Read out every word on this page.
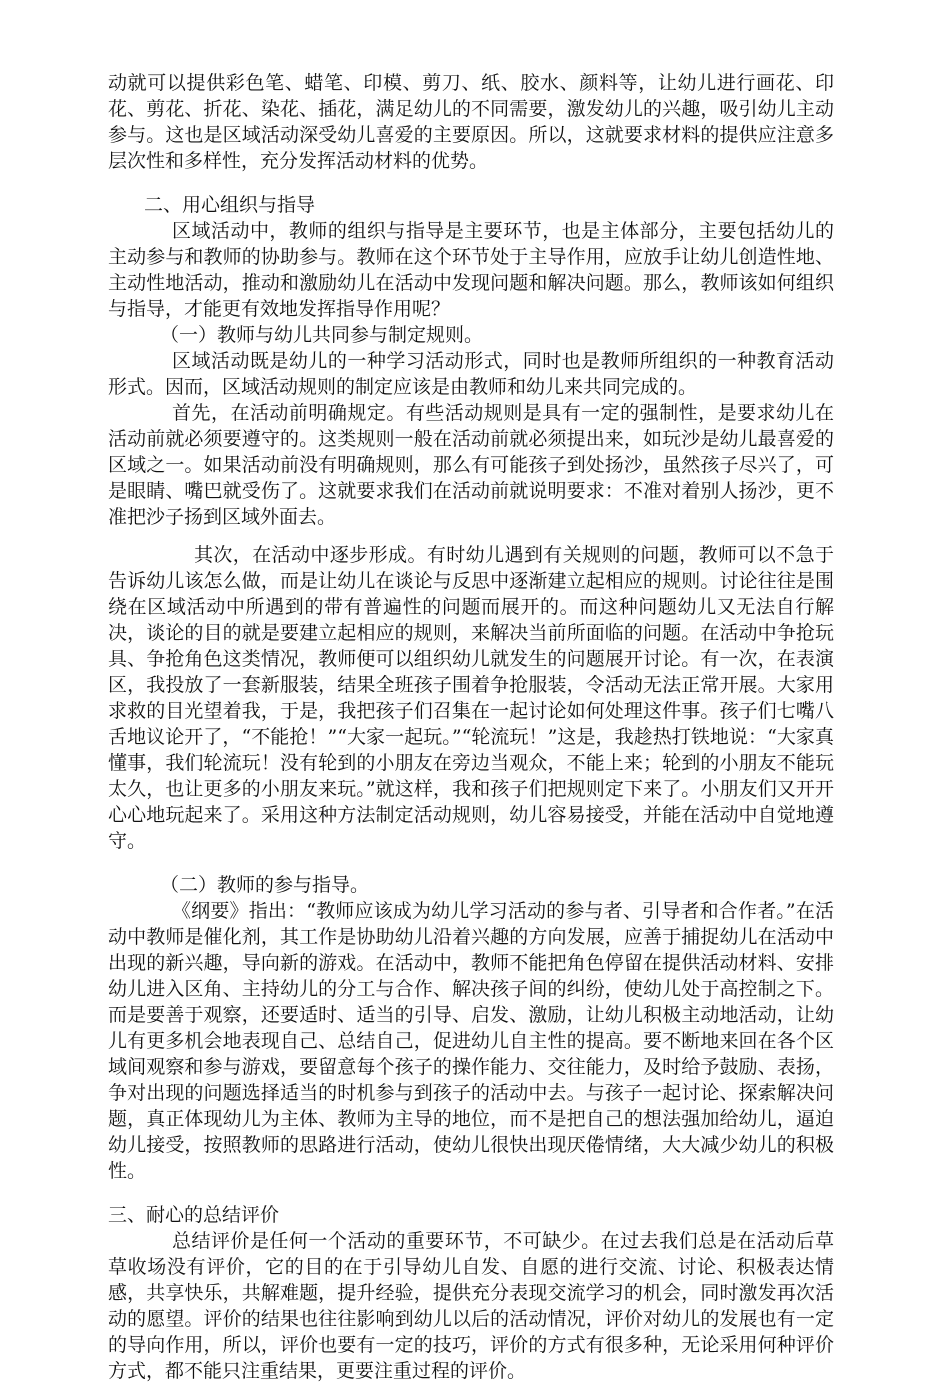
动就可以提供彩色笔、蜡笔、印模、剪刀、纸、胶水、颜料等，让幼儿进行画花、印花、剪花、折花、染花、插花，满足幼儿的不同需要，激发幼儿的兴趣，吸引幼儿主动参与。这也是区域活动深受幼儿喜爱的主要原因。所以，这就要求材料的提供应注意多层次性和多样性，充分发挥活动材料的优势。

二、用心组织与指导

区域活动中，教师的组织与指导是主要环节，也是主体部分，主要包括幼儿的主动参与和教师的协助参与。教师在这个环节处于主导作用，应放手让幼儿创造性地、主动性地活动，推动和激励幼儿在活动中发现问题和解决问题。那么，教师该如何组织与指导，才能更有效地发挥指导作用呢？

（一）教师与幼儿共同参与制定规则。

区域活动既是幼儿的一种学习活动形式，同时也是教师所组织的一种教育活动形式。因而，区域活动规则的制定应该是由教师和幼儿来共同完成的。

首先，在活动前明确规定。有些活动规则是具有一定的强制性，是要求幼儿在活动前就必须要遵守的。这类规则一般在活动前就必须提出来，如玩沙是幼儿最喜爱的区域之一。如果活动前没有明确规则，那么有可能孩子到处扬沙，虽然孩子尽兴了，可是眼睛、嘴巴就受伤了。这就要求我们在活动前就说明要求：不准对着别人扬沙，更不准把沙子扬到区域外面去。

其次，在活动中逐步形成。有时幼儿遇到有关规则的问题，教师可以不急于告诉幼儿该怎么做，而是让幼儿在谈论与反思中逐渐建立起相应的规则。讨论往往是围绕在区域活动中所遇到的带有普遍性的问题而展开的。而这种问题幼儿又无法自行解决，谈论的目的就是要建立起相应的规则，来解决当前所面临的问题。在活动中争抢玩具、争抢角色这类情况，教师便可以组织幼儿就发生的问题展开讨论。有一次，在表演区，我投放了一套新服装，结果全班孩子围着争抢服装，令活动无法正常开展。大家用求救的目光望着我，于是，我把孩子们召集在一起讨论如何处理这件事。孩子们七嘴八舌地议论开了，“不能抢！”“大家一起玩。”“轮流玩！”这是，我趁热打铁地说：“大家真懂事，我们轮流玩！没有轮到的小朋友在旁边当观众，不能上来；轮到的小朋友不能玩太久，也让更多的小朋友来玩。”就这样，我和孩子们把规则定下来了。小朋友们又开开心心地玩起来了。采用这种方法制定活动规则，幼儿容易接受，并能在活动中自觉地遵守。

（二）教师的参与指导。

《纲要》指出：“教师应该成为幼儿学习活动的参与者、引导者和合作者。”在活动中教师是催化剂，其工作是协助幼儿沿着兴趣的方向发展，应善于捕捉幼儿在活动中出现的新兴趣，导向新的游戏。在活动中，教师不能把角色停留在提供活动材料、安排幼儿进入区角、主持幼儿的分工与合作、解决孩子间的纠纷，使幼儿处于高控制之下。而是要善于观察，还要适时、适当的引导、启发、激励，让幼儿积极主动地活动，让幼儿有更多机会地表现自己、总结自己，促进幼儿自主性的提高。要不断地来回在各个区域间观察和参与游戏，要留意每个孩子的操作能力、交往能力，及时给予鼓励、表扬，争对出现的问题选择适当的时机参与到孩子的活动中去。与孩子一起讨论、探索解决问题，真正体现幼儿为主体、教师为主导的地位，而不是把自己的想法强加给幼儿，逼迫幼儿接受，按照教师的思路进行活动，使幼儿很快出现厌倦情绪，大大减少幼儿的积极性。

三、耐心的总结评价

总结评价是任何一个活动的重要环节，不可缺少。在过去我们总是在活动后草草收场没有评价，它的目的在于引导幼儿自发、自愿的进行交流、讨论、积极表达情感，共享快乐，共解难题，提升经验，提供充分表现交流学习的机会，同时激发再次活动的愿望。评价的结果也往往影响到幼儿以后的活动情况，评价对幼儿的发展也有一定的导向作用，所以，评价也要有一定的技巧，评价的方式有很多种，无论采用何种评价方式，都不能只注重结果，更要注重过程的评价。
